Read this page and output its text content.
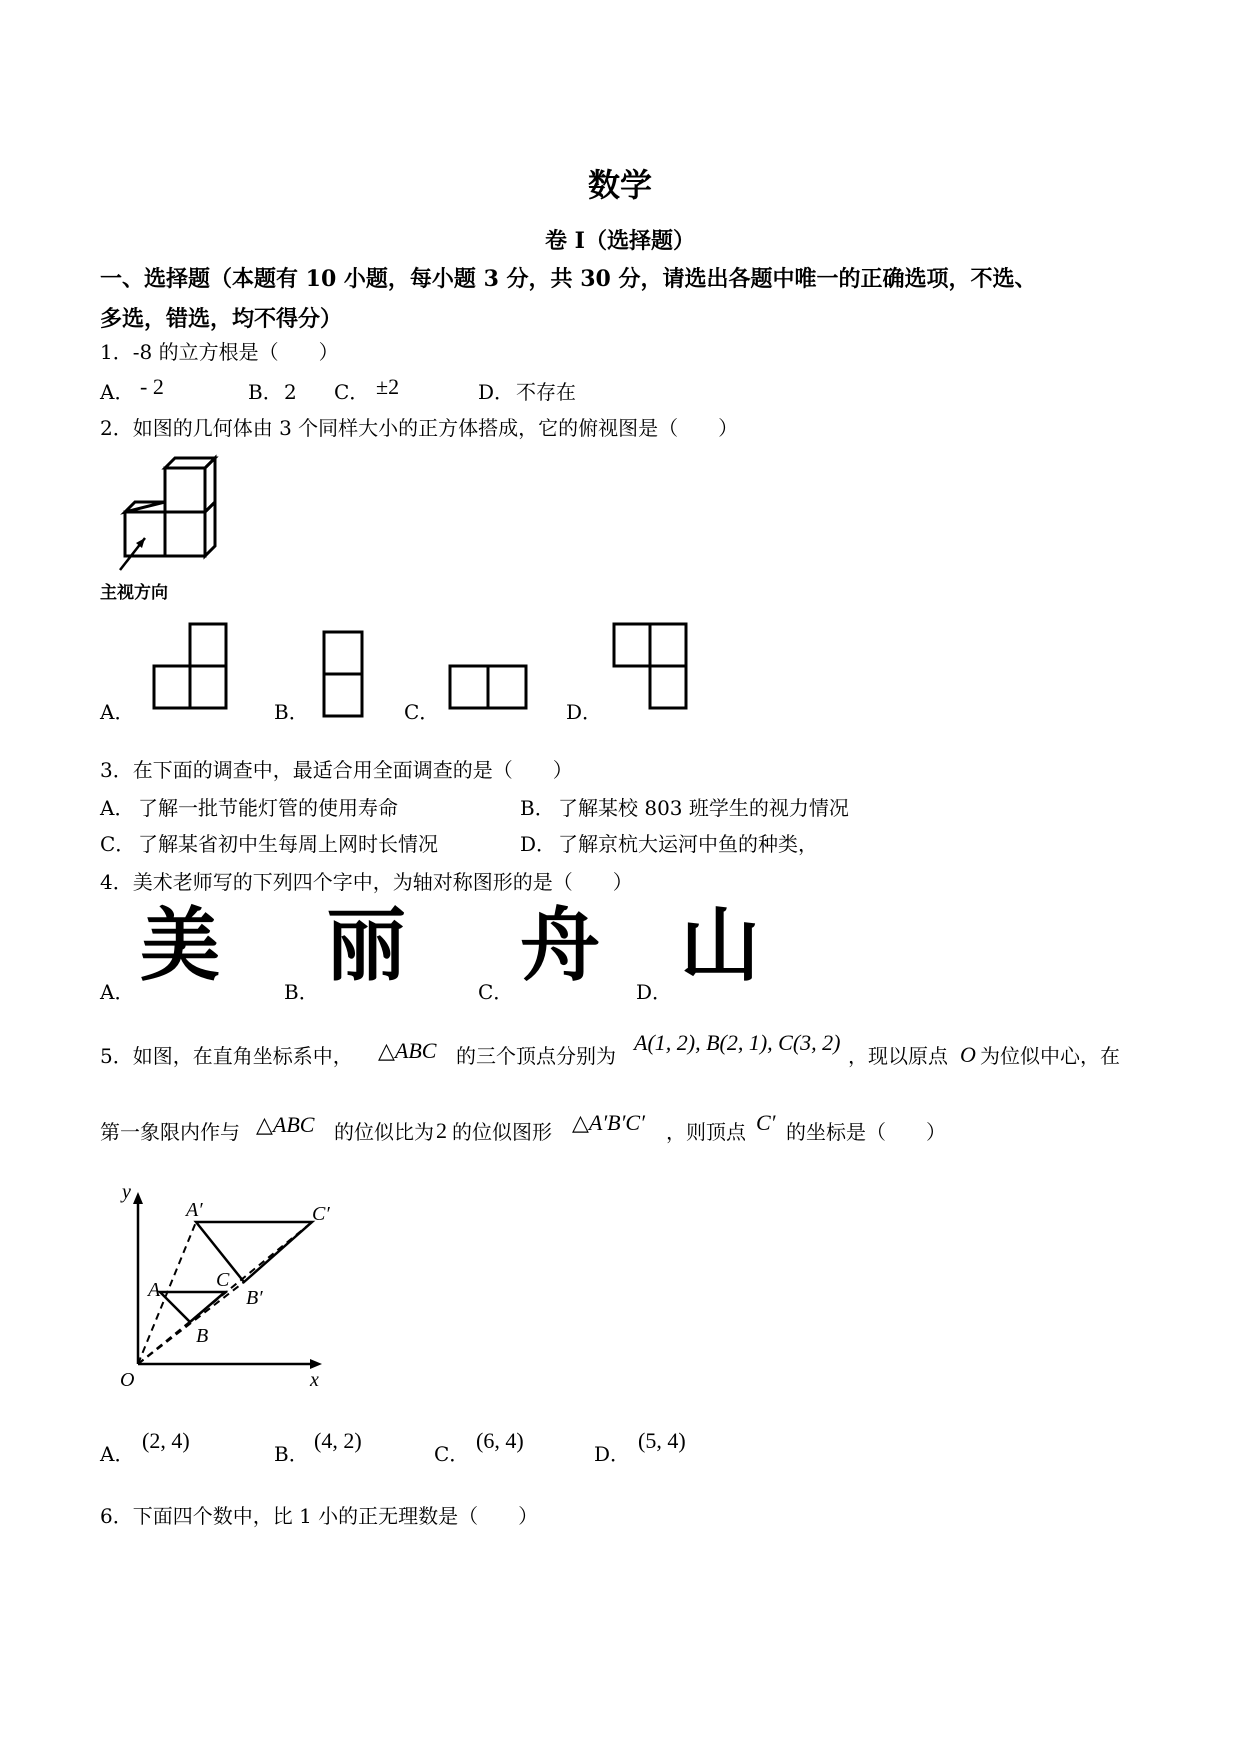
数学
卷 I（选择题）
一、选择题（本题有 10 小题，每小题 3 分，共 30 分，请选出各题中唯一的正确选项，不选、
多选，错选，均不得分）
1．-8 的立方根是（　　）
A． - 2	B． 2 C． ±2	D． 不存在
2．如图的几何体由 3 个同样大小的正方体搭成，它的俯视图是（　　）
主视方向
A．	B．	C．	D．
3．在下面的调查中，最适合用全面调查的是（　　）
A． 了解一批节能灯管的使用寿命	B． 了解某校 803 班学生的视力情况
C． 了解某省初中生每周上网时长情况	D． 了解京杭大运河中鱼的种类，
4．美术老师写的下列四个字中，为轴对称图形的是（　　）
A． 美	B． 丽	C． 舟 D． 山
5．如图，在直角坐标系中， △ABC 的三个顶点分别为
A(1, 2), B(2, 1), C(3, 2)
，现以原点 O 为位似中心，在
第一象限内作与 △ABC 的位似比为 2 的位似图形 △A′B′C′ ，则顶点 C′ 的坐标是（　　）
y
x
O
A
B
C
A′
B′
C′
A．
(2, 4)
B．
(4, 2)
C．
(6, 4)
D．
(5, 4)
6．下面四个数中，比 1 小的正无理数是（　　）
